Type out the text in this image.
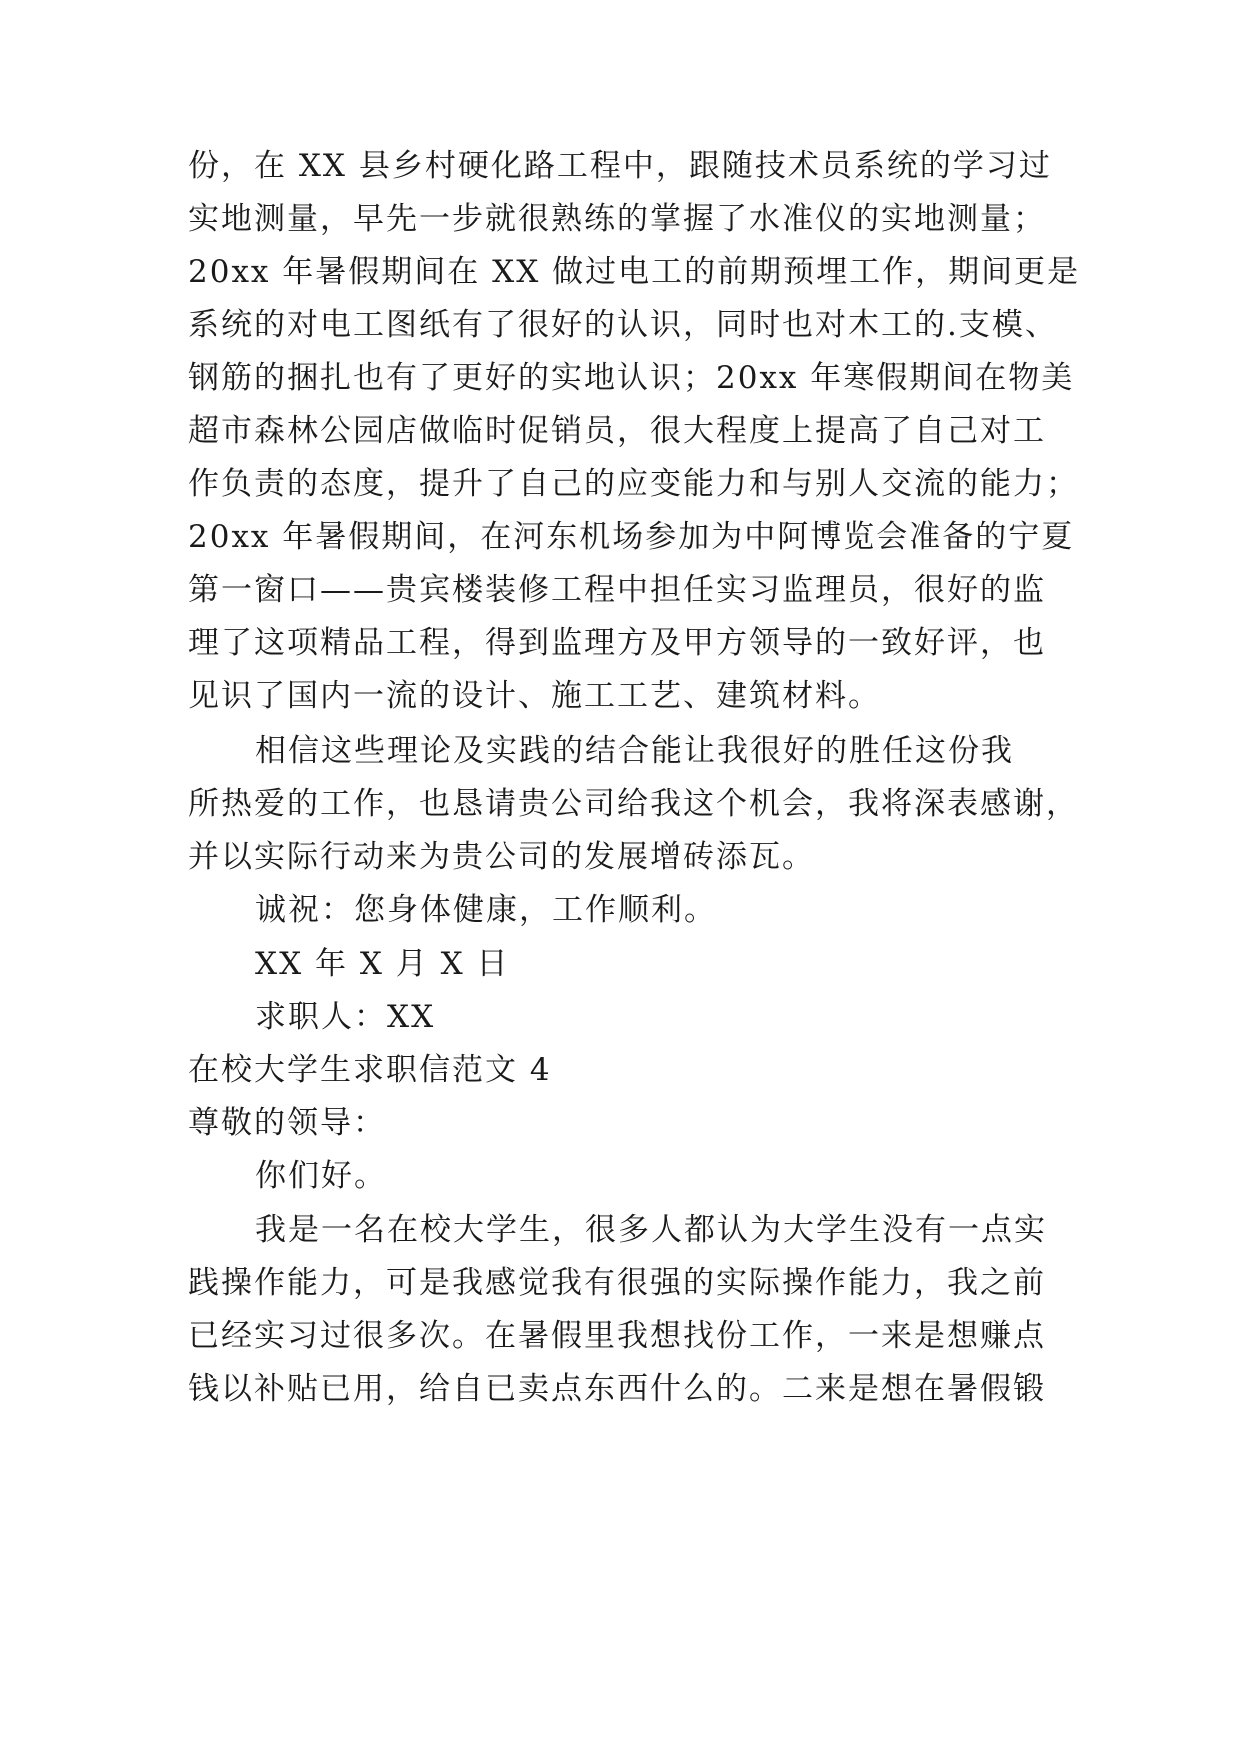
份，在 XX 县乡村硬化路工程中，跟随技术员系统的学习过
实地测量，早先一步就很熟练的掌握了水准仪的实地测量；
20xx 年暑假期间在 XX 做过电工的前期预埋工作，期间更是
系统的对电工图纸有了很好的认识，同时也对木工的.支模、
钢筋的捆扎也有了更好的实地认识；20xx 年寒假期间在物美
超市森林公园店做临时促销员，很大程度上提高了自己对工
作负责的态度，提升了自己的应变能力和与别人交流的能力；
20xx 年暑假期间，在河东机场参加为中阿博览会准备的宁夏
第一窗口——贵宾楼装修工程中担任实习监理员，很好的监
理了这项精品工程，得到监理方及甲方领导的一致好评，也
见识了国内一流的设计、施工工艺、建筑材料。
相信这些理论及实践的结合能让我很好的胜任这份我
所热爱的工作，也恳请贵公司给我这个机会，我将深表感谢，
并以实际行动来为贵公司的发展增砖添瓦。
诚祝：您身体健康，工作顺利。
XX 年 X 月 X 日
求职人：XX
在校大学生求职信范文 4
尊敬的领导：
你们好。
我是一名在校大学生，很多人都认为大学生没有一点实
践操作能力，可是我感觉我有很强的实际操作能力，我之前
已经实习过很多次。在暑假里我想找份工作，一来是想赚点
钱以补贴已用，给自已卖点东西什么的。二来是想在暑假锻
